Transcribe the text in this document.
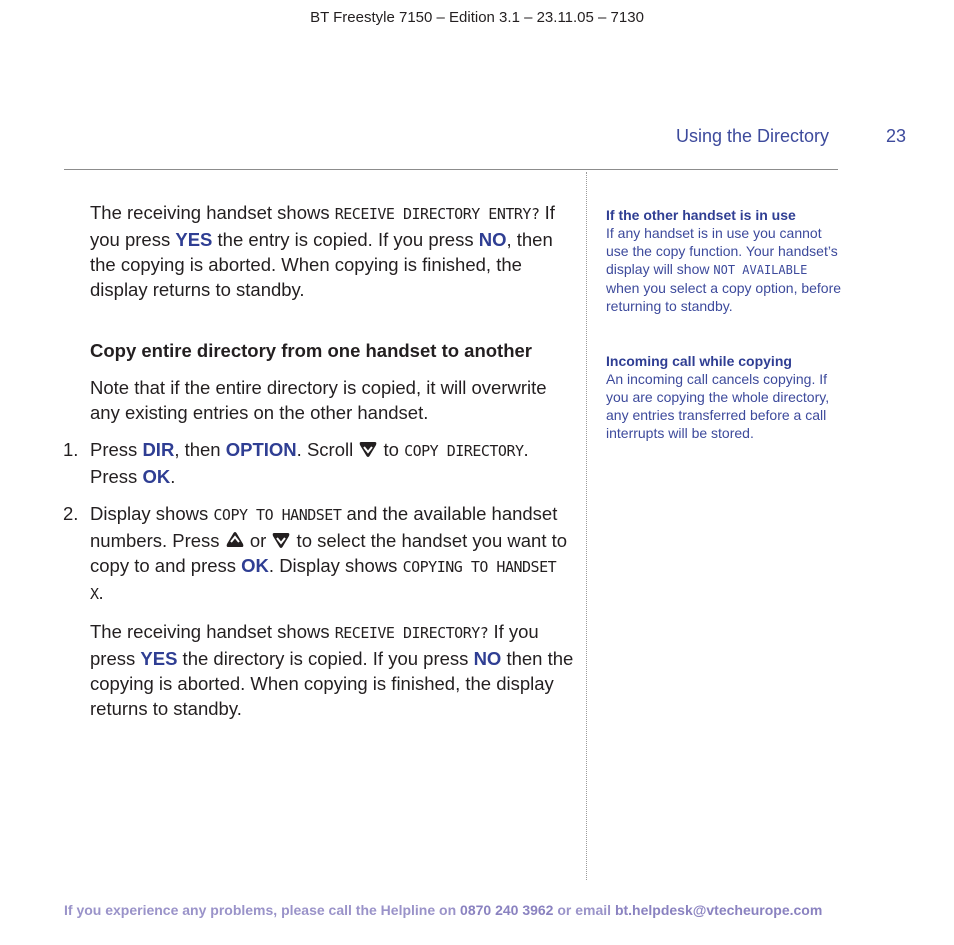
BT Freestyle 7150 – Edition 3.1 – 23.11.05 – 7130
Using the Directory	23

The receiving handset shows RECEIVE DIRECTORY ENTRY? If you press YES the entry is copied. If you press NO, then the copying is aborted. When copying is finished, the display returns to standby.

Copy entire directory from one handset to another

Note that if the entire directory is copied, it will overwrite any existing entries on the other handset.

1. Press DIR, then OPTION. Scroll  to COPY DIRECTORY. Press OK.

2. Display shows COPY TO HANDSET and the available handset numbers. Press  or  to select the handset you want to copy to and press OK. Display shows COPYING TO HANDSET X.

The receiving handset shows RECEIVE DIRECTORY? If you press YES the directory is copied. If you press NO then the copying is aborted. When copying is finished, the display returns to standby.

If the other handset is in use
If any handset is in use you cannot use the copy function. Your handset’s display will show NOT AVAILABLE when you select a copy option, before returning to standby.
Incoming call while copying
An incoming call cancels copying. If you are copying the whole directory, any entries transferred before a call interrupts will be stored.
If you experience any problems, please call the Helpline on 0870 240 3962 or email bt.helpdesk@vtecheurope.com
